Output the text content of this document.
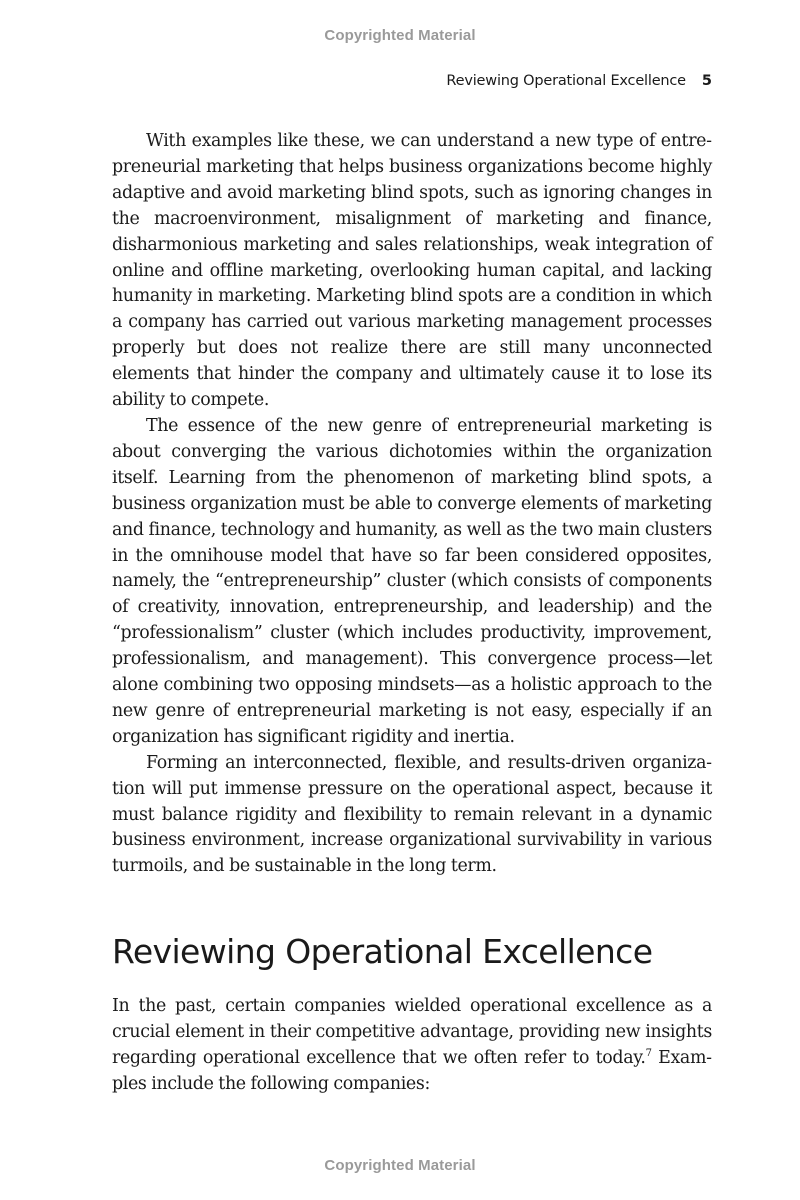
Copyrighted Material
Reviewing Operational Excellence 5

With examples like these, we can understand a new type of entrepreneurial marketing that helps business organizations become highly adaptive and avoid marketing blind spots, such as ignoring changes in the macroenvironment, misalignment of marketing and finance, disharmonious marketing and sales relationships, weak integration of online and offline marketing, overlooking human capital, and lacking humanity in marketing. Marketing blind spots are a condition in which a company has carried out various marketing management processes properly but does not realize there are still many unconnected elements that hinder the company and ultimately cause it to lose its ability to compete.

The essence of the new genre of entrepreneurial marketing is about converging the various dichotomies within the organization itself. Learning from the phenomenon of marketing blind spots, a business organization must be able to converge elements of marketing and finance, technology and humanity, as well as the two main clusters in the omnihouse model that have so far been considered opposites, namely, the “entrepreneurship” cluster (which consists of components of creativity, innovation, entrepreneurship, and leadership) and the “professionalism” cluster (which includes productivity, improvement, professionalism, and management). This convergence process—let alone combining two opposing mindsets—as a holistic approach to the new genre of entrepreneurial marketing is not easy, especially if an organization has significant rigidity and inertia.

Forming an interconnected, flexible, and results-driven organization will put immense pressure on the operational aspect, because it must balance rigidity and flexibility to remain relevant in a dynamic business environment, increase organizational survivability in various turmoils, and be sustainable in the long term.

Reviewing Operational Excellence

In the past, certain companies wielded operational excellence as a crucial element in their competitive advantage, providing new insights regarding operational excellence that we often refer to today.$^7$ Examples include the following companies:

Copyrighted Material
